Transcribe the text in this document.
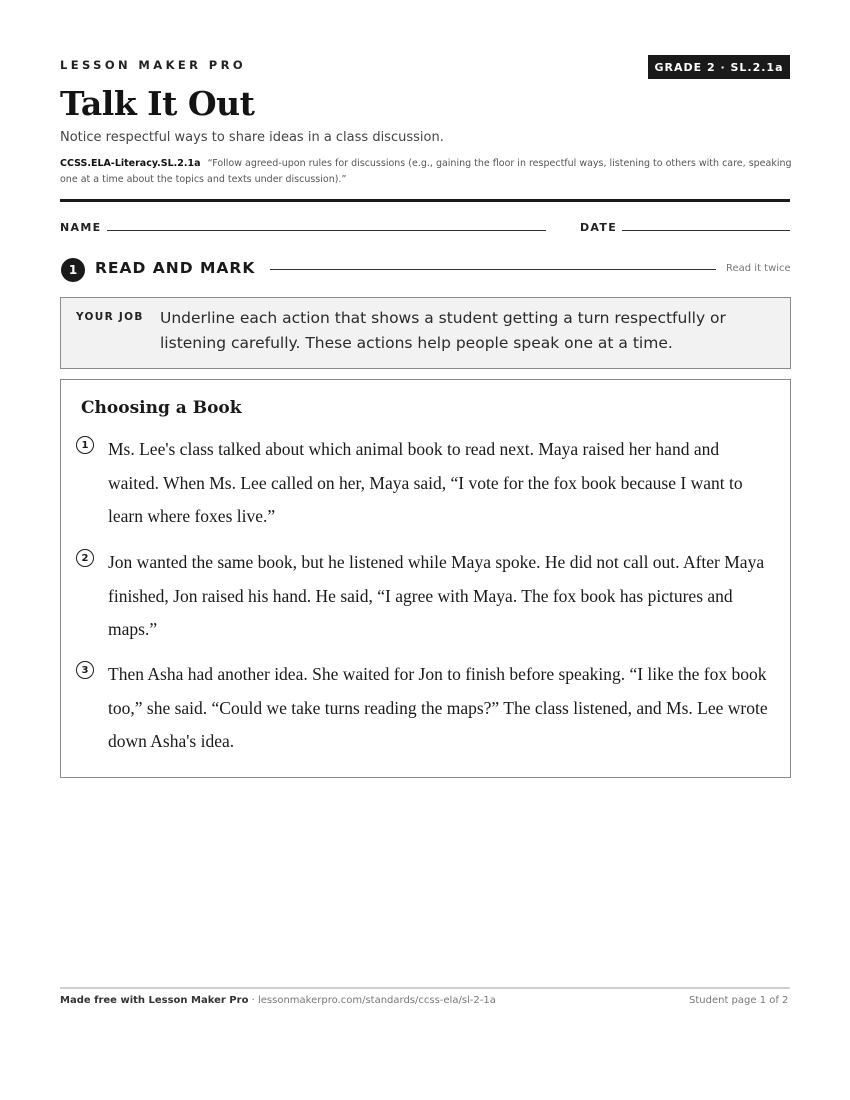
LESSON MAKER PRO	GRADE 2 · SL.2.1a
Talk It Out
Notice respectful ways to share ideas in a class discussion.
CCSS.ELA-Literacy.SL.2.1a “Follow agreed-upon rules for discussions (e.g., gaining the floor in respectful ways, listening to others with care, speaking one at a time about the topics and texts under discussion).”
NAME	DATE
1	READ AND MARK	Read it twice
YOUR JOB Underline each action that shows a student getting a turn respectfully or listening carefully. These actions help people speak one at a time.
Choosing a Book
1	Ms. Lee's class talked about which animal book to read next. Maya raised her hand and waited. When Ms. Lee called on her, Maya said, “I vote for the fox book because I want to learn where foxes live.”
2	Jon wanted the same book, but he listened while Maya spoke. He did not call out. After Maya finished, Jon raised his hand. He said, “I agree with Maya. The fox book has pictures and maps.”
3	Then Asha had another idea. She waited for Jon to finish before speaking. “I like the fox book too,” she said. “Could we take turns reading the maps?” The class listened, and Ms. Lee wrote down Asha's idea.
Made free with Lesson Maker Pro · lessonmakerpro.com/standards/ccss-ela/sl-2-1a	Student page 1 of 2
